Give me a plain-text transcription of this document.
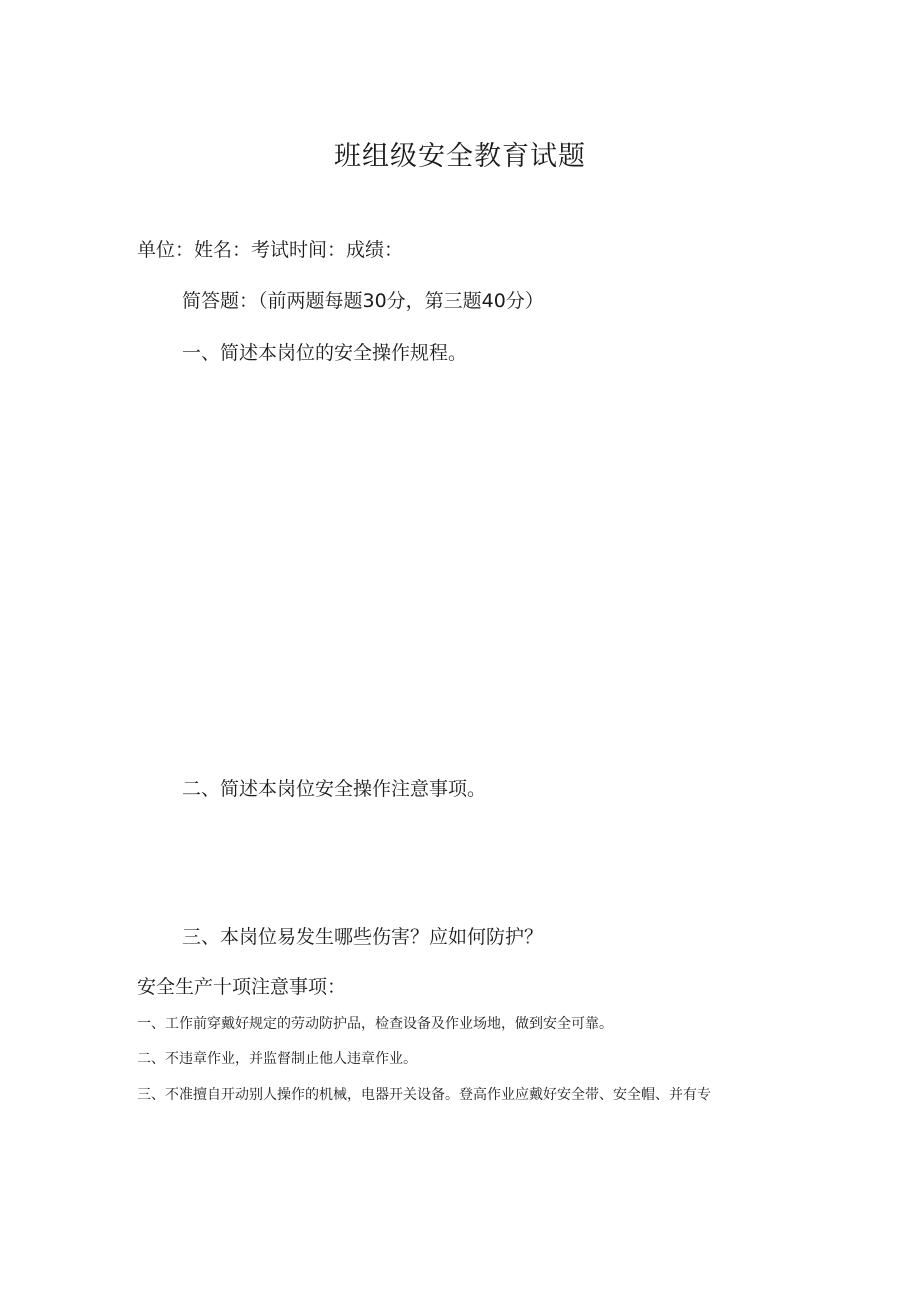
班组级安全教育试题
单位：姓名：考试时间：成绩：
简答题：（前两题每题30分，第三题40分）
一、简述本岗位的安全操作规程。
二、简述本岗位安全操作注意事项。
三、本岗位易发生哪些伤害？应如何防护？
安全生产十项注意事项：
一、工作前穿戴好规定的劳动防护品，检查设备及作业场地，做到安全可靠。
二、不违章作业，并监督制止他人违章作业。
三、不准擅自开动别人操作的机械，电器开关设备。登高作业应戴好安全带、安全帽、并有专
